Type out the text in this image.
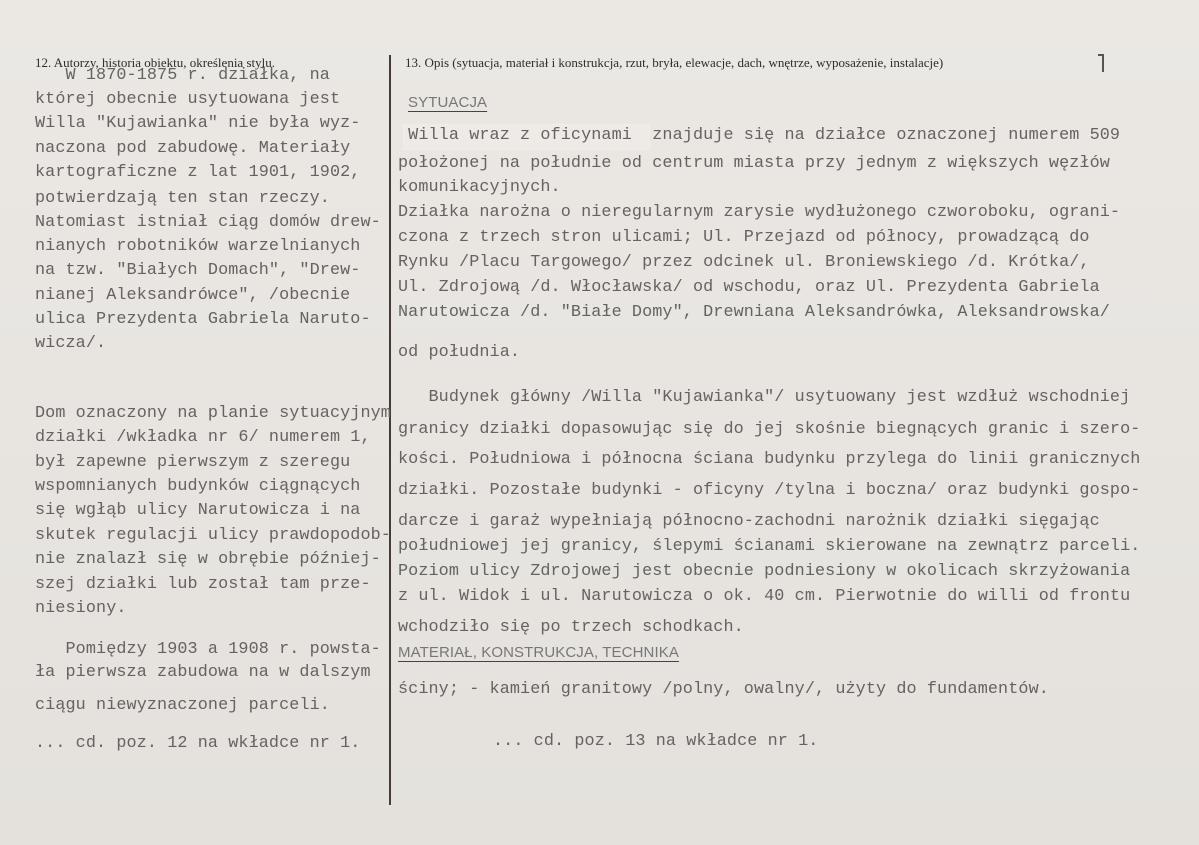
12. Autorzy, historia obiektu, określenia stylu.	13. Opis (sytuacja, materiał i konstrukcja, rzut, bryła, elewacje, dach, wnętrze, wyposażenie, instalacje)
W 1870-1875 r. działka, na
której obecnie usytuowana jest
Willa "Kujawianka" nie była wyz-
naczona pod zabudowę. Materiały
kartograficzne z lat 1901, 1902,
potwierdzają ten stan rzeczy.
Natomiast istniał ciąg domów drew-
nianych robotników warzelnianych
na tzw. "Białych Domach", "Drew-
nianej Aleksandrówce", /obecnie
ulica Prezydenta Gabriela Naruto-
wicza/.
Dom oznaczony na planie sytuacyjnym
działki /wkładka nr 6/ numerem 1,
był zapewne pierwszym z szeregu
wspomnianych budynków ciągnących
się wgłąb ulicy Narutowicza i na
skutek regulacji ulicy prawdopodob-
nie znalazł się w obrębie później-
szej działki lub został tam prze-
niesiony.
Pomiędzy 1903 a 1908 r. powsta-
ła pierwsza zabudowa na w dalszym
ciągu niewyznaczonej parceli.
... cd. poz. 12 na wkładce nr 1.
SYTUACJA
Willa wraz z oficynami  znajduje się na działce oznaczonej numerem 509
położonej na południe od centrum miasta przy jednym z większych węzłów
komunikacyjnych.
Działka narożna o nieregularnym zarysie wydłużonego czworoboku, ograni-
czona z trzech stron ulicami; Ul. Przejazd od północy, prowadzącą do
Rynku /Placu Targowego/ przez odcinek ul. Broniewskiego /d. Krótka/,
Ul. Zdrojową /d. Włocławska/ od wschodu, oraz Ul. Prezydenta Gabriela
Narutowicza /d. "Białe Domy", Drewniana Aleksandrówka, Aleksandrowska/
od południa.
Budynek główny /Willa "Kujawianka"/ usytuowany jest wzdłuż wschodniej
granicy działki dopasowując się do jej skośnie biegnących granic i szero-
kości. Południowa i północna ściana budynku przylega do linii granicznych
działki. Pozostałe budynki - oficyny /tylna i boczna/ oraz budynki gospo-
darcze i garaż wypełniają północno-zachodni narożnik działki sięgając
południowej jej granicy, ślepymi ścianami skierowane na zewnątrz parceli.
Poziom ulicy Zdrojowej jest obecnie podniesiony w okolicach skrzyżowania
z ul. Widok i ul. Narutowicza o ok. 40 cm. Pierwotnie do willi od frontu
wchodziło się po trzech schodkach.
MATERIAŁ, KONSTRUKCJA, TECHNIKA
ściny; - kamień granitowy /polny, owalny/, użyty do fundamentów.
... cd. poz. 13 na wkładce nr 1.
